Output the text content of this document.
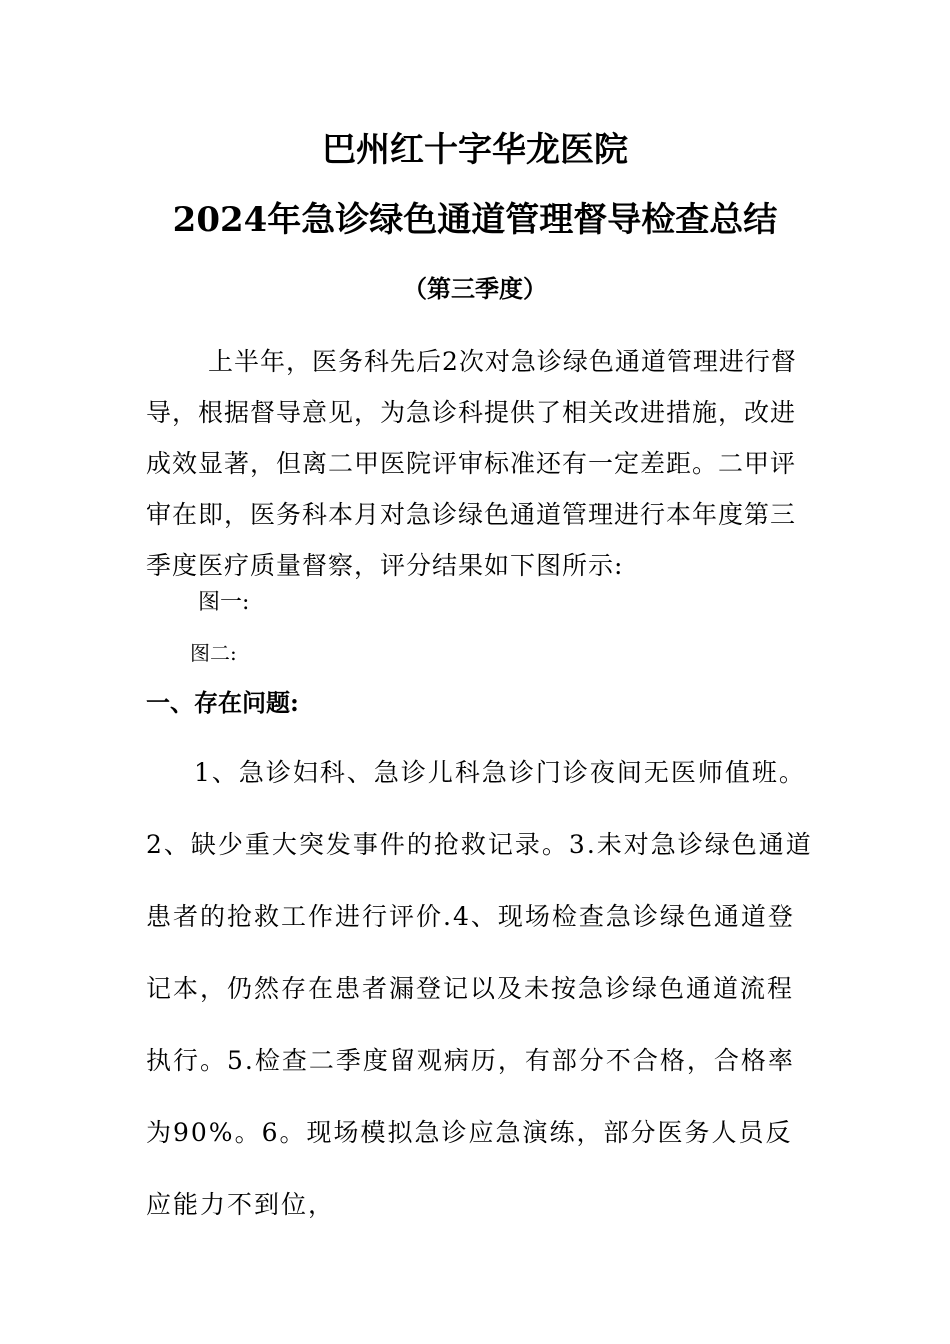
巴州红十字华龙医院
2024年急诊绿色通道管理督导检查总结
（第三季度）
上半年，医务科先后2次对急诊绿色通道管理进行督导，根据督导意见，为急诊科提供了相关改进措施，改进成效显著，但离二甲医院评审标准还有一定差距。二甲评审在即，医务科本月对急诊绿色通道管理进行本年度第三季度医疗质量督察，评分结果如下图所示:
图一:
图二:
一、存在问题:
1、急诊妇科、急诊儿科急诊门诊夜间无医师值班。2、缺少重大突发事件的抢救记录。3.未对急诊绿色通道患者的抢救工作进行评价.4、现场检查急诊绿色通道登记本，仍然存在患者漏登记以及未按急诊绿色通道流程执行。5.检查二季度留观病历，有部分不合格，合格率为90%。6。现场模拟急诊应急演练，部分医务人员反应能力不到位，
